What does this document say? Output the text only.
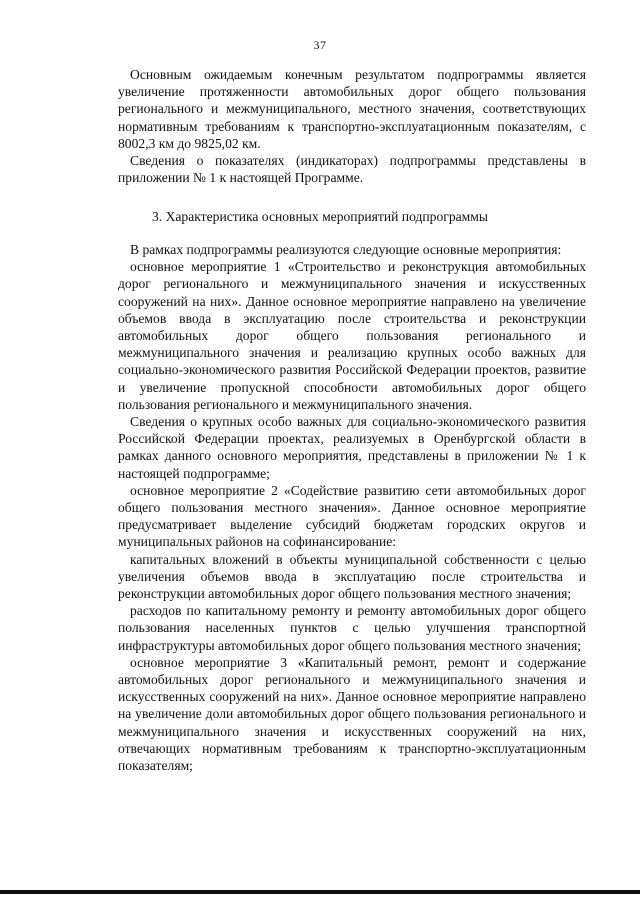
37

Основным ожидаемым конечным результатом подпрограммы является увеличение протяженности автомобильных дорог общего пользования регионального и межмуниципального, местного значения, соответствующих нормативным требованиям к транспортно-эксплуатационным показателям, с 8002,3 км до 9825,02 км.

Сведения о показателях (индикаторах) подпрограммы представлены в приложении № 1 к настоящей Программе.

3. Характеристика основных мероприятий подпрограммы

В рамках подпрограммы реализуются следующие основные мероприятия:

основное мероприятие 1 «Строительство и реконструкция автомобильных дорог регионального и межмуниципального значения и искусственных сооружений на них». Данное основное мероприятие направлено на увеличение объемов ввода в эксплуатацию после строительства и реконструкции автомобильных дорог общего пользования регионального и межмуниципального значения и реализацию крупных особо важных для социально-экономического развития Российской Федерации проектов, развитие и увеличение пропускной способности автомобильных дорог общего пользования регионального и межмуниципального значения.

Сведения о крупных особо важных для социально-экономического развития Российской Федерации проектах, реализуемых в Оренбургской области в рамках данного основного мероприятия, представлены в приложении № 1 к настоящей подпрограмме;

основное мероприятие 2 «Содействие развитию сети автомобильных дорог общего пользования местного значения». Данное основное мероприятие предусматривает выделение субсидий бюджетам городских округов и муниципальных районов на софинансирование:

капитальных вложений в объекты муниципальной собственности с целью увеличения объемов ввода в эксплуатацию после строительства и реконструкции автомобильных дорог общего пользования местного значения;

расходов по капитальному ремонту и ремонту автомобильных дорог общего пользования населенных пунктов с целью улучшения транспортной инфраструктуры автомобильных дорог общего пользования местного значения;

основное мероприятие 3 «Капитальный ремонт, ремонт и содержание автомобильных дорог регионального и межмуниципального значения и искусственных сооружений на них». Данное основное мероприятие направлено на увеличение доли автомобильных дорог общего пользования регионального и межмуниципального значения и искусственных сооружений на них, отвечающих нормативным требованиям к транспортно-эксплуатационным показателям;
